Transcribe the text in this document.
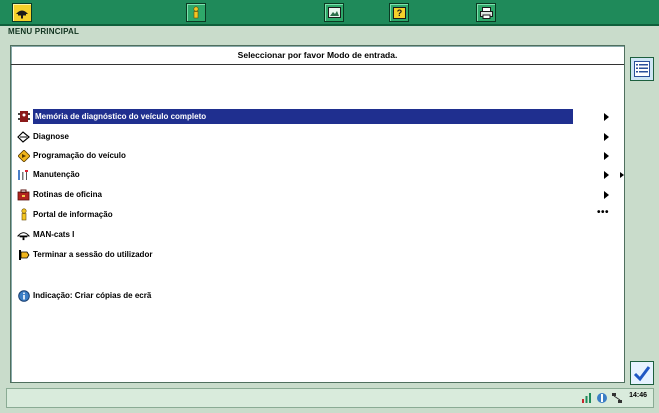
?
MENU PRINCIPAL
Seleccionar por favor Modo de entrada.
Memória de diagnóstico do veículo completo
Diagnose
Programação do veículo
Manutenção
Rotinas de oficina
Portal de informação	•••
MAN-cats I
Terminar a sessão do utilizador
Indicação: Criar cópias de ecrã
14:46
